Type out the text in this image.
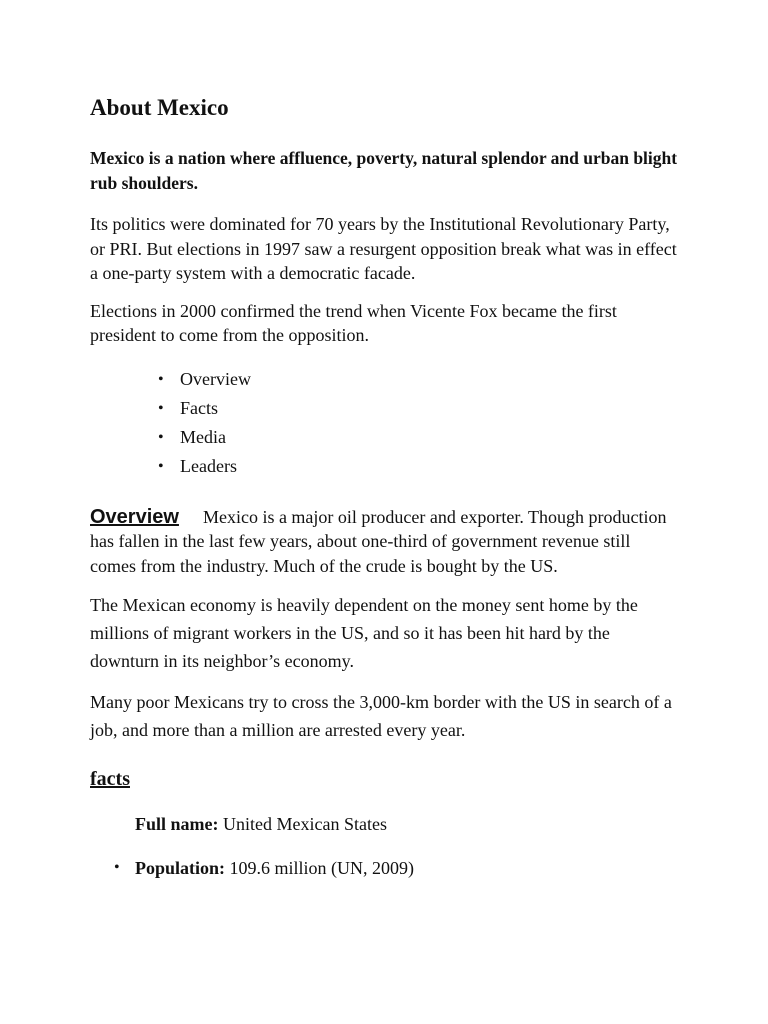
About Mexico

Mexico is a nation where affluence, poverty, natural splendor and urban blight rub shoulders.

Its politics were dominated for 70 years by the Institutional Revolutionary Party, or PRI. But elections in 1997 saw a resurgent opposition break what was in effect a one-party system with a democratic facade.

Elections in 2000 confirmed the trend when Vicente Fox became the first president to come from the opposition.

• Overview
• Facts
• Media
• Leaders

Overview Mexico is a major oil producer and exporter. Though production has fallen in the last few years, about one-third of government revenue still comes from the industry. Much of the crude is bought by the US.

The Mexican economy is heavily dependent on the money sent home by the millions of migrant workers in the US, and so it has been hit hard by the downturn in its neighbor’s economy.

Many poor Mexicans try to cross the 3,000-km border with the US in search of a job, and more than a million are arrested every year.

facts
Full name: United Mexican States
• Population: 109.6 million (UN, 2009)
